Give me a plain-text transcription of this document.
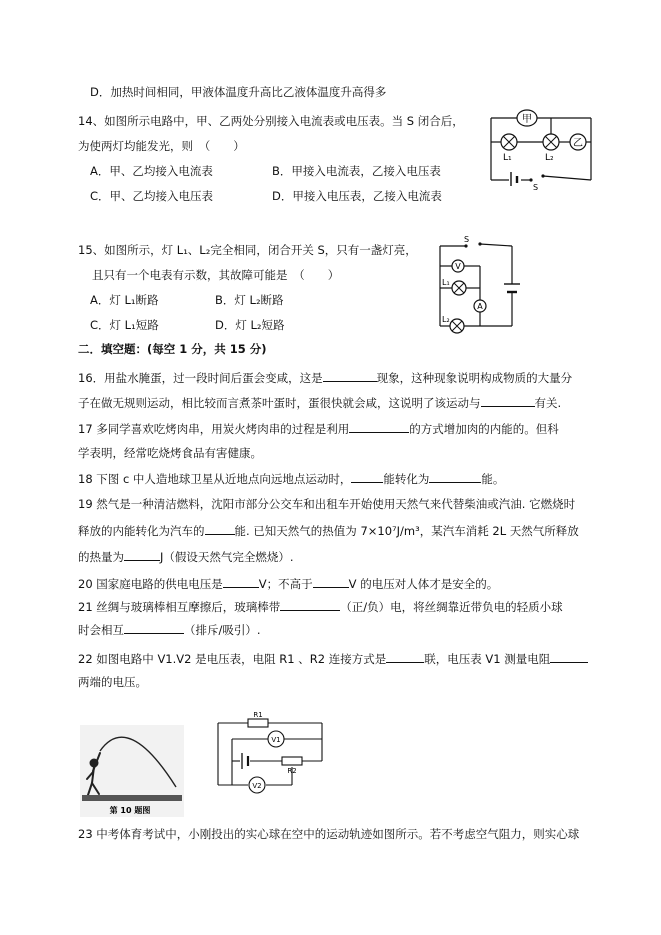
D．加热时间相同，甲液体温度升高比乙液体温度升高得多
14、如图所示电路中，甲、乙两处分别接入电流表或电压表。当 S 闭合后，
为使两灯均能发光，则　（　　）
A．甲、乙均接入电流表	B．甲接入电流表，乙接入电压表
C．甲、乙均接入电压表	D．甲接入电压表，乙接入电流表
15、如图所示，灯 L₁、L₂完全相同，闭合开关 S，只有一盏灯亮，
且只有一个电表有示数，其故障可能是　（　　）
A．灯 L₁断路	B．灯 L₂断路
C．灯 L₁短路	D．灯 L₂短路
二．填空题：(每空 1 分，共 15 分)
16．用盐水腌蛋，过一段时间后蛋会变咸，这是	现象，这种现象说明构成物质的大量分
子在做无规则运动，相比较而言煮茶叶蛋时，蛋很快就会咸，这说明了该运动与	有关.
17 多同学喜欢吃烤肉串，用炭火烤肉串的过程是利用	的方式增加肉的内能的。但科
学表明，经常吃烧烤食品有害健康。
18 下图 c 中人造地球卫星从近地点向远地点运动时，	能转化为	能。
19 然气是一种清洁燃料，沈阳市部分公交车和出租车开始使用天然气来代替柴油或汽油. 它燃烧时
释放的内能转化为汽车的	能. 已知天然气的热值为 7×10⁷J/m³，某汽车消耗 2L 天然气所释放
的热量为	J（假设天然气完全燃烧）.
20 国家庭电路的供电电压是	V；不高于	V 的电压对人体才是安全的。
21 丝绸与玻璃棒相互摩擦后，玻璃棒带	（正/负）电，将丝绸靠近带负电的轻质小球
时会相互	（排斥/吸引）.
22 如图电路中 V1.V2 是电压表，电阻 R1 、R2 连接方式是	联，电压表 V1 测量电阻
两端的电压。
23 中考体育考试中，小刚投出的实心球在空中的运动轨迹如图所示。若不考虑空气阻力，则实心球
甲
乙
L₁	L₂
S
S
V
L₁
A
L₂
第 10 题图
R1
V1
R2
V2
